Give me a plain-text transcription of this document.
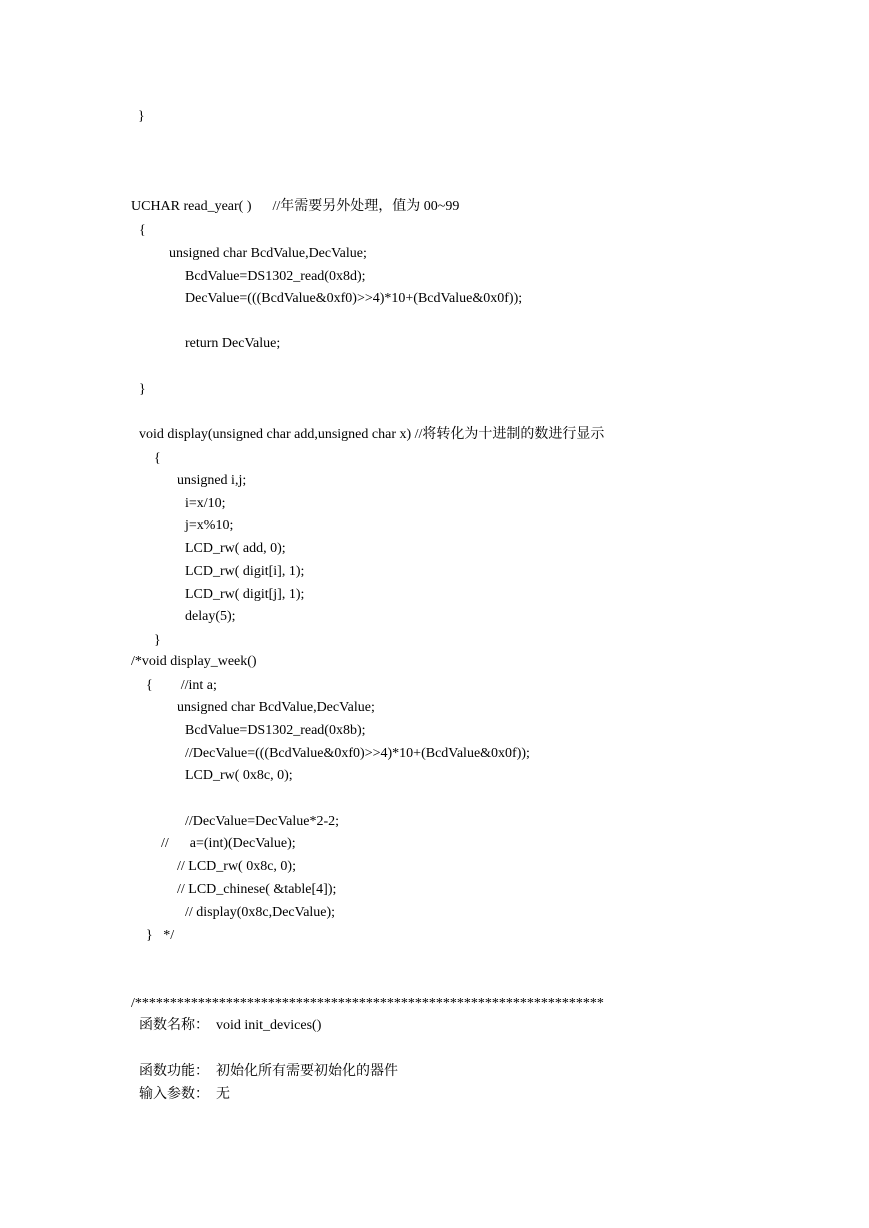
}
UCHAR read_year( )      //年需要另外处理，值为 00~99
{
unsigned char BcdValue,DecValue;
BcdValue=DS1302_read(0x8d);
DecValue=(((BcdValue&0xf0)>>4)*10+(BcdValue&0x0f));
return DecValue;
}
void display(unsigned char add,unsigned char x) //将转化为十进制的数进行显示
{
unsigned i,j;
i=x/10;
j=x%10;
LCD_rw( add, 0);
LCD_rw( digit[i], 1);
LCD_rw( digit[j], 1);
delay(5);
}
/*void display_week()
{        //int a;
unsigned char BcdValue,DecValue;
BcdValue=DS1302_read(0x8b);
//DecValue=(((BcdValue&0xf0)>>4)*10+(BcdValue&0x0f));
LCD_rw( 0x8c, 0);
//DecValue=DecValue*2-2;
//      a=(int)(DecValue);
// LCD_rw( 0x8c, 0);
// LCD_chinese( &table[4]);
// display(0x8c,DecValue);
}   */
/*******************************************************************
函数名称：  void init_devices()
函数功能：  初始化所有需要初始化的器件
输入参数：  无
